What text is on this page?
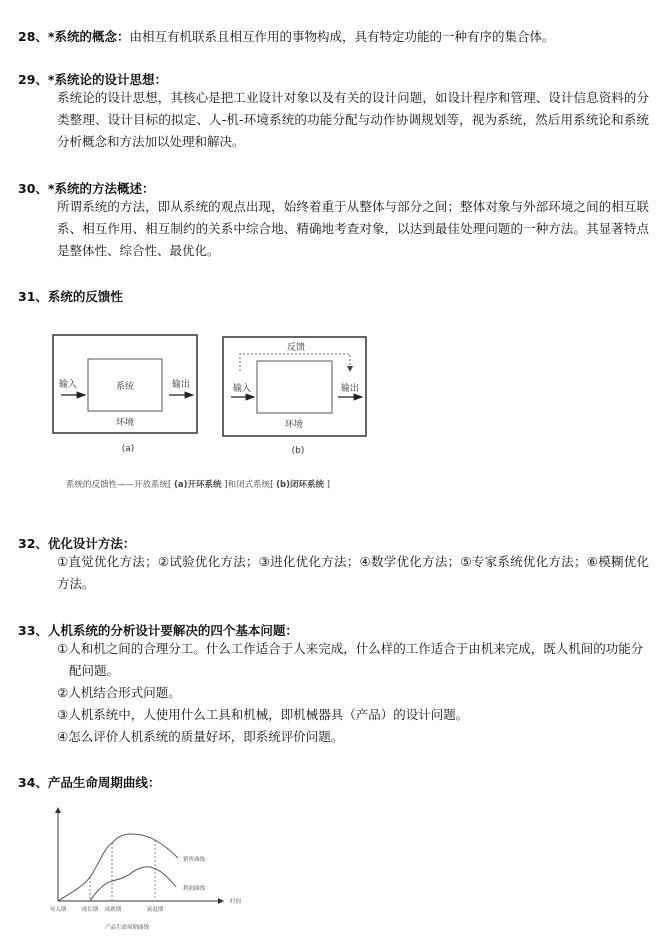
28、*系统的概念：由相互有机联系且相互作用的事物构成，具有特定功能的一种有序的集合体。
29、*系统论的设计思想：
系统论的设计思想，其核心是把工业设计对象以及有关的设计问题，如设计程序和管理、设计信息资料的分类整理、设计目标的拟定、人-机-环境系统的功能分配与动作协调规划等，视为系统，然后用系统论和系统分析概念和方法加以处理和解决。
30、*系统的方法概述：
所谓系统的方法，即从系统的观点出现，始终着重于从整体与部分之间；整体对象与外部环境之间的相互联系、相互作用、相互制约的关系中综合地、精确地考查对象，以达到最佳处理问题的一种方法。其显著特点是整体性、综合性、最优化。
31、系统的反馈性
系统
输入	输出
环境
(a)
反馈
输入	输出
环境
(b)
系统的反馈性——开放系统[ (a)开环系统 ]和闭式系统[ (b)闭环系统 ]
32、优化设计方法：
①直觉优化方法；②试验优化方法；③进化优化方法；④数学优化方法；⑤专家系统优化方法；⑥模糊优化方法。
33、人机系统的分析设计要解决的四个基本问题：
①人和机之间的合理分工。什么工作适合于人来完成，什么样的工作适合于由机来完成，既人机间的功能分配问题。
②人机结合形式问题。
③人机系统中，人使用什么工具和机械，即机械器具（产品）的设计问题。
④怎么评价人机系统的质量好坏，即系统评价问题。
34、产品生命周期曲线：
销售曲线
利润曲线
时间
导入期	成长期 成熟期	衰退期
产品生命周期曲线
